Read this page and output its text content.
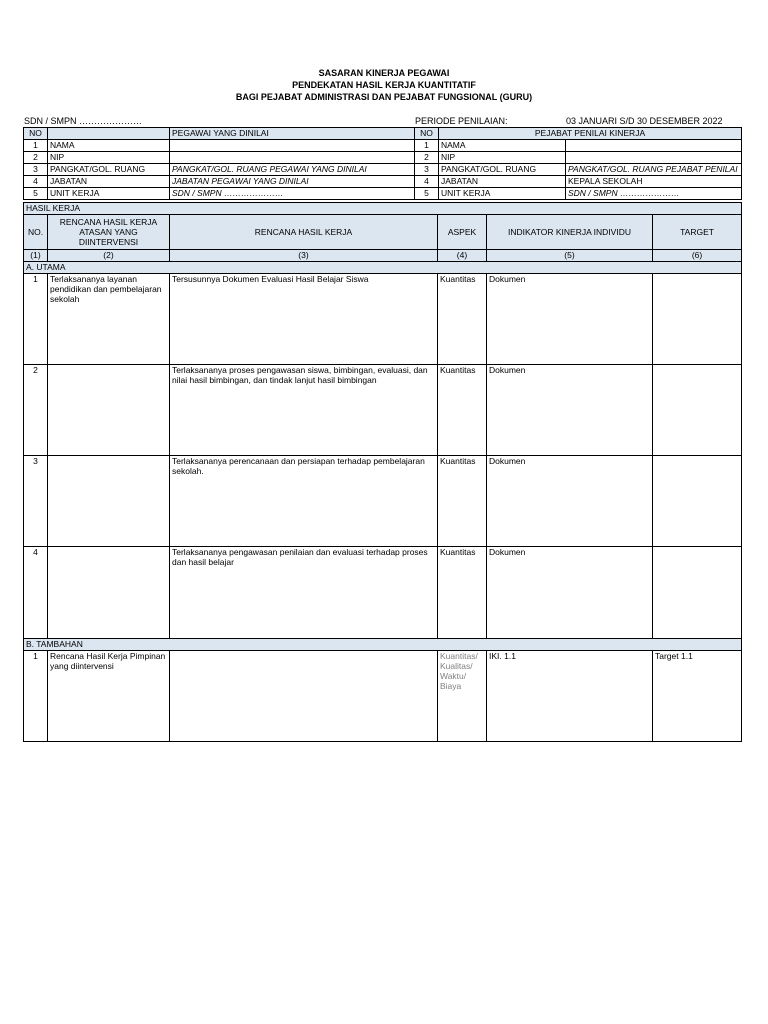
SASARAN KINERJA PEGAWAI
PENDEKATAN HASIL KERJA KUANTITATIF
BAGI PEJABAT ADMINISTRASI DAN PEJABAT FUNGSIONAL (GURU)
SDN / SMPN …………………	PERIODE PENILAIAN:	03 JANUARI S/D 30 DESEMBER 2022
NO		PEGAWAI YANG DINILAI	NO	PEJABAT PENILAI KINERJA	
1	NAMA		1	NAMA	
2	NIP		2	NIP	
3	PANGKAT/GOL. RUANG	PANGKAT/GOL. RUANG PEGAWAI YANG DINILAI	3	PANGKAT/GOL. RUANG	PANGKAT/GOL. RUANG PEJABAT PENILAI
4	JABATAN	JABATAN PEGAWAI YANG DINILAI	4	JABATAN	KEPALA SEKOLAH
5	UNIT KERJA	SDN / SMPN …………………	5	UNIT KERJA	SDN / SMPN …………………
HASIL KERJA					
NO.	RENCANA HASIL KERJA ATASAN YANG DIINTERVENSI	RENCANA HASIL KERJA	ASPEK	INDIKATOR KINERJA INDIVIDU	TARGET
(1)	(2)	(3)	(4)	(5)	(6)
A. UTAMA					
1	Terlaksananya layanan pendidikan dan pembelajaran sekolah	Tersusunnya Dokumen Evaluasi Hasil Belajar Siswa	Kuantitas	Dokumen	
2		Terlaksananya proses pengawasan siswa, bimbingan, evaluasi, dan nilai hasil bimbingan, dan tindak lanjut hasil bimbingan	Kuantitas	Dokumen	
3		Terlaksananya perencanaan dan persiapan terhadap pembelajaran sekolah.	Kuantitas	Dokumen	
4		Terlaksananya pengawasan penilaian dan evaluasi terhadap proses dan hasil belajar	Kuantitas	Dokumen	
B. TAMBAHAN					
1	Rencana Hasil Kerja Pimpinan yang diintervensi		Kuantitas/ Kualitas/ Waktu/ Biaya	IKI. 1.1	Target 1.1
